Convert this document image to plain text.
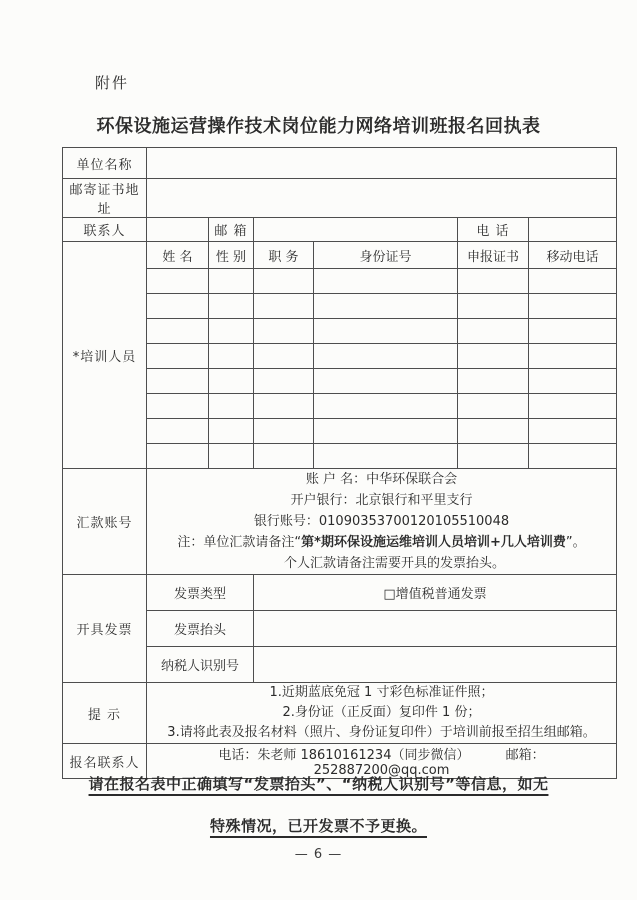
附件
环保设施运营操作技术岗位能力网络培训班报名回执表
单位名称						
邮寄证书地址						
联系人		邮 箱			电 话	
*培训人员	姓 名	性 别	职 务	身份证号	申报证书	移动电话

汇款账号	账 户 名：中华环保联合会
开户银行：北京银行和平里支行
银行账号：01090353700120105510048
注：单位汇款请备注“第*期环保设施运维培训人员培训+几人培训费”。
个人汇款请备注需要开具的发票抬头。					

开具发票	发票类型		□增值税普通发票			
	发票抬头					
	纳税人识别号					
提 示	1.近期蓝底免冠 1 寸彩色标准证件照；
2.身份证（正反面）复印件 1 份；
3.请将此表及报名材料（照片、身份证复印件）于培训前报至招生组邮箱。					

报名联系人	电话：朱老师 18610161234（同步微信） 邮箱：252887200@qq.com					
请在报名表中正确填写“发票抬头”、“纳税人识别号”等信息，如无
特殊情况，已开发票不予更换。
— 6 —
